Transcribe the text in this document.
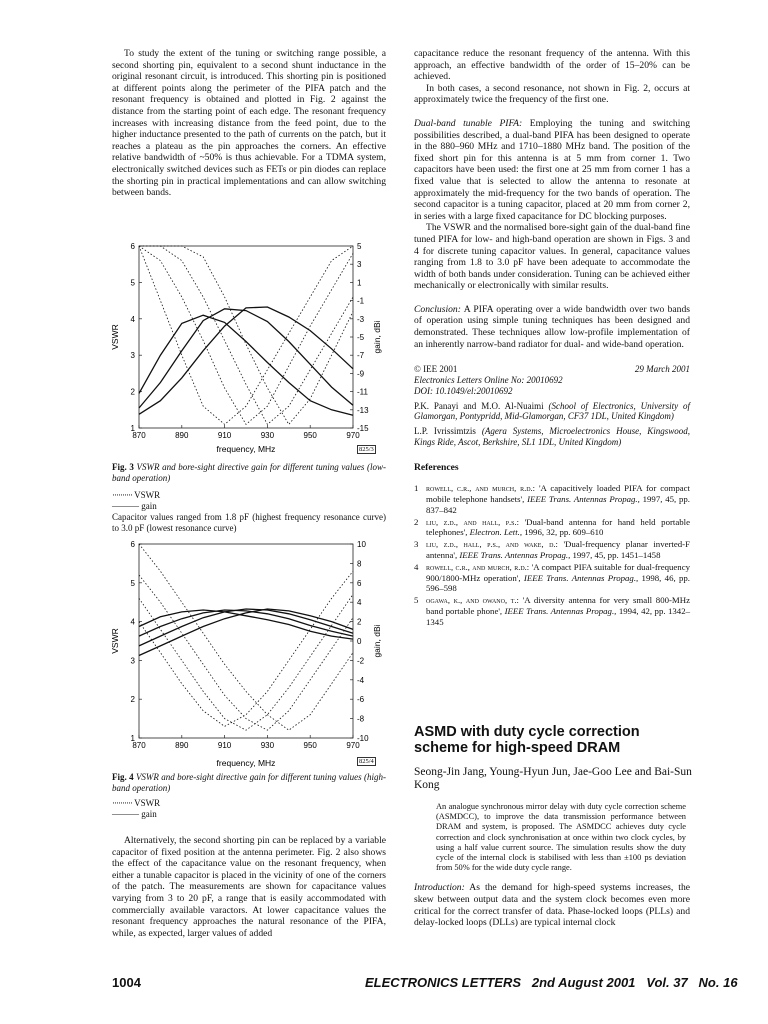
To study the extent of the tuning or switching range possible, a second shorting pin, equivalent to a second shunt inductance in the original resonant circuit, is introduced. This shorting pin is positioned at different points along the perimeter of the PIFA patch and the resonant frequency is obtained and plotted in Fig. 2 against the distance from the starting point of each edge. The resonant frequency increases with increasing distance from the feed point, due to the higher inductance presented to the path of currents on the patch, but it reaches a plateau as the pin approaches the corners. An effective relative bandwidth of ~50% is thus achievable. For a TDMA system, electronically switched devices such as FETs or pin diodes can replace the shorting pin in practical implementations and can allow switching between bands.

870	890	910	930	950	970
1
2
3
4
5
6
-15
-13
-11
-9
-7
-5
-3
-1
1
3
5
frequency, MHz
VSWR	gain, dBi
825/3

Fig. 3 VSWR and bore-sight directive gain for different tuning values (low-band operation)

·········· VSWR

——— gain

Capacitor values ranged from 1.8 pF (highest frequency resonance curve) to 3.0 pF (lowest resonance curve)

870	890	910	930	950	970
1
2
3
4
5
6
-10
-8
-6
-4
-2
0
2
4
6
8
10
frequency, MHz
VSWR	gain, dBi
825/4

Fig. 4 VSWR and bore-sight directive gain for different tuning values (high-band operation)

·········· VSWR

——— gain

Alternatively, the second shorting pin can be replaced by a variable capacitor of fixed position at the antenna perimeter. Fig. 2 also shows the effect of the capacitance value on the resonant frequency, when either a tunable capacitor is placed in the vicinity of one of the corners of the patch. The measurements are shown for capacitance values varying from 3 to 20 pF, a range that is easily accommodated with commercially available varactors. At lower capacitance values the resonant frequency approaches the natural resonance of the PIFA, while, as expected, larger values of added

capacitance reduce the resonant frequency of the antenna. With this approach, an effective bandwidth of the order of 15–20% can be achieved.

In both cases, a second resonance, not shown in Fig. 2, occurs at approximately twice the frequency of the first one.

Dual-band tunable PIFA: Employing the tuning and switching possibilities described, a dual-band PIFA has been designed to operate in the 880–960 MHz and 1710–1880 MHz band. The position of the fixed short pin for this antenna is at 5 mm from corner 1. Two capacitors have been used: the first one at 25 mm from corner 1 has a fixed value that is selected to allow the antenna to resonate at approximately the mid-frequency for the two bands of operation. The second capacitor is a tuning capacitor, placed at 20 mm from corner 2, in series with a large fixed capacitance for DC blocking purposes.

The VSWR and the normalised bore-sight gain of the dual-band fine tuned PIFA for low- and high-band operation are shown in Figs. 3 and 4 for discrete tuning capacitor values. In general, capacitance values ranging from 1.8 to 3.0 pF have been adequate to accommodate the width of both bands under consideration. Tuning can be achieved either mechanically or electronically with similar results.

Conclusion: A PIFA operating over a wide bandwidth over two bands of operation using simple tuning techniques has been designed and demonstrated. These techniques allow low-profile implementation of an inherently narrow-band radiator for dual- and wide-band operation.

© IEE 2001	29 March 2001
Electronics Letters Online No: 20010692
DOI: 10.1049/el:20010692
P.K. Panayi and M.O. Al-Nuaimi (School of Electronics, University of Glamorgan, Pontypridd, Mid-Glamorgan, CF37 1DL, United Kingdom)
L.P. Ivrissimtzis (Agera Systems, Microelectronics House, Kingswood, Kings Ride, Ascot, Berkshire, SL1 1DL, United Kingdom)
References
1 rowell, c.r., and murch, r.d.: 'A capacitively loaded PIFA for compact mobile telephone handsets', IEEE Trans. Antennas Propag., 1997, 45, pp. 837–842
2 liu, z.d., and hall, p.s.: 'Dual-band antenna for hand held portable telephones', Electron. Lett., 1996, 32, pp. 609–610
3 liu, z.d., hall, p.s., and wake, d.: 'Dual-frequency planar inverted-F antenna', IEEE Trans. Antennas Propag., 1997, 45, pp. 1451–1458
4 rowell, c.r., and murch, r.d.: 'A compact PIFA suitable for dual-frequency 900/1800-MHz operation', IEEE Trans. Antennas Propag., 1998, 46, pp. 596–598
5 ogawa, k., and owano, t.: 'A diversity antenna for very small 800-MHz band portable phone', IEEE Trans. Antennas Propag., 1994, 42, pp. 1342–1345
ASMD with duty cycle correction scheme for high-speed DRAM
Seong-Jin Jang, Young-Hyun Jun, Jae-Goo Lee and Bai-Sun Kong
An analogue synchronous mirror delay with duty cycle correction scheme (ASMDCC), to improve the data transmission performance between DRAM and system, is proposed. The ASMDCC achieves duty cycle correction and clock synchronisation at once within two clock cycles, by using a half value current source. The simulation results show the duty cycle of the internal clock is stabilised with less than ±100 ps deviation from 50% for the wide duty cycle range.

Introduction: As the demand for high-speed systems increases, the skew between output data and the system clock becomes even more critical for the correct transfer of data. Phase-locked loops (PLLs) and delay-locked loops (DLLs) are typical internal clock

1004	ELECTRONICS LETTERS 2nd August 2001 Vol. 37 No. 16
